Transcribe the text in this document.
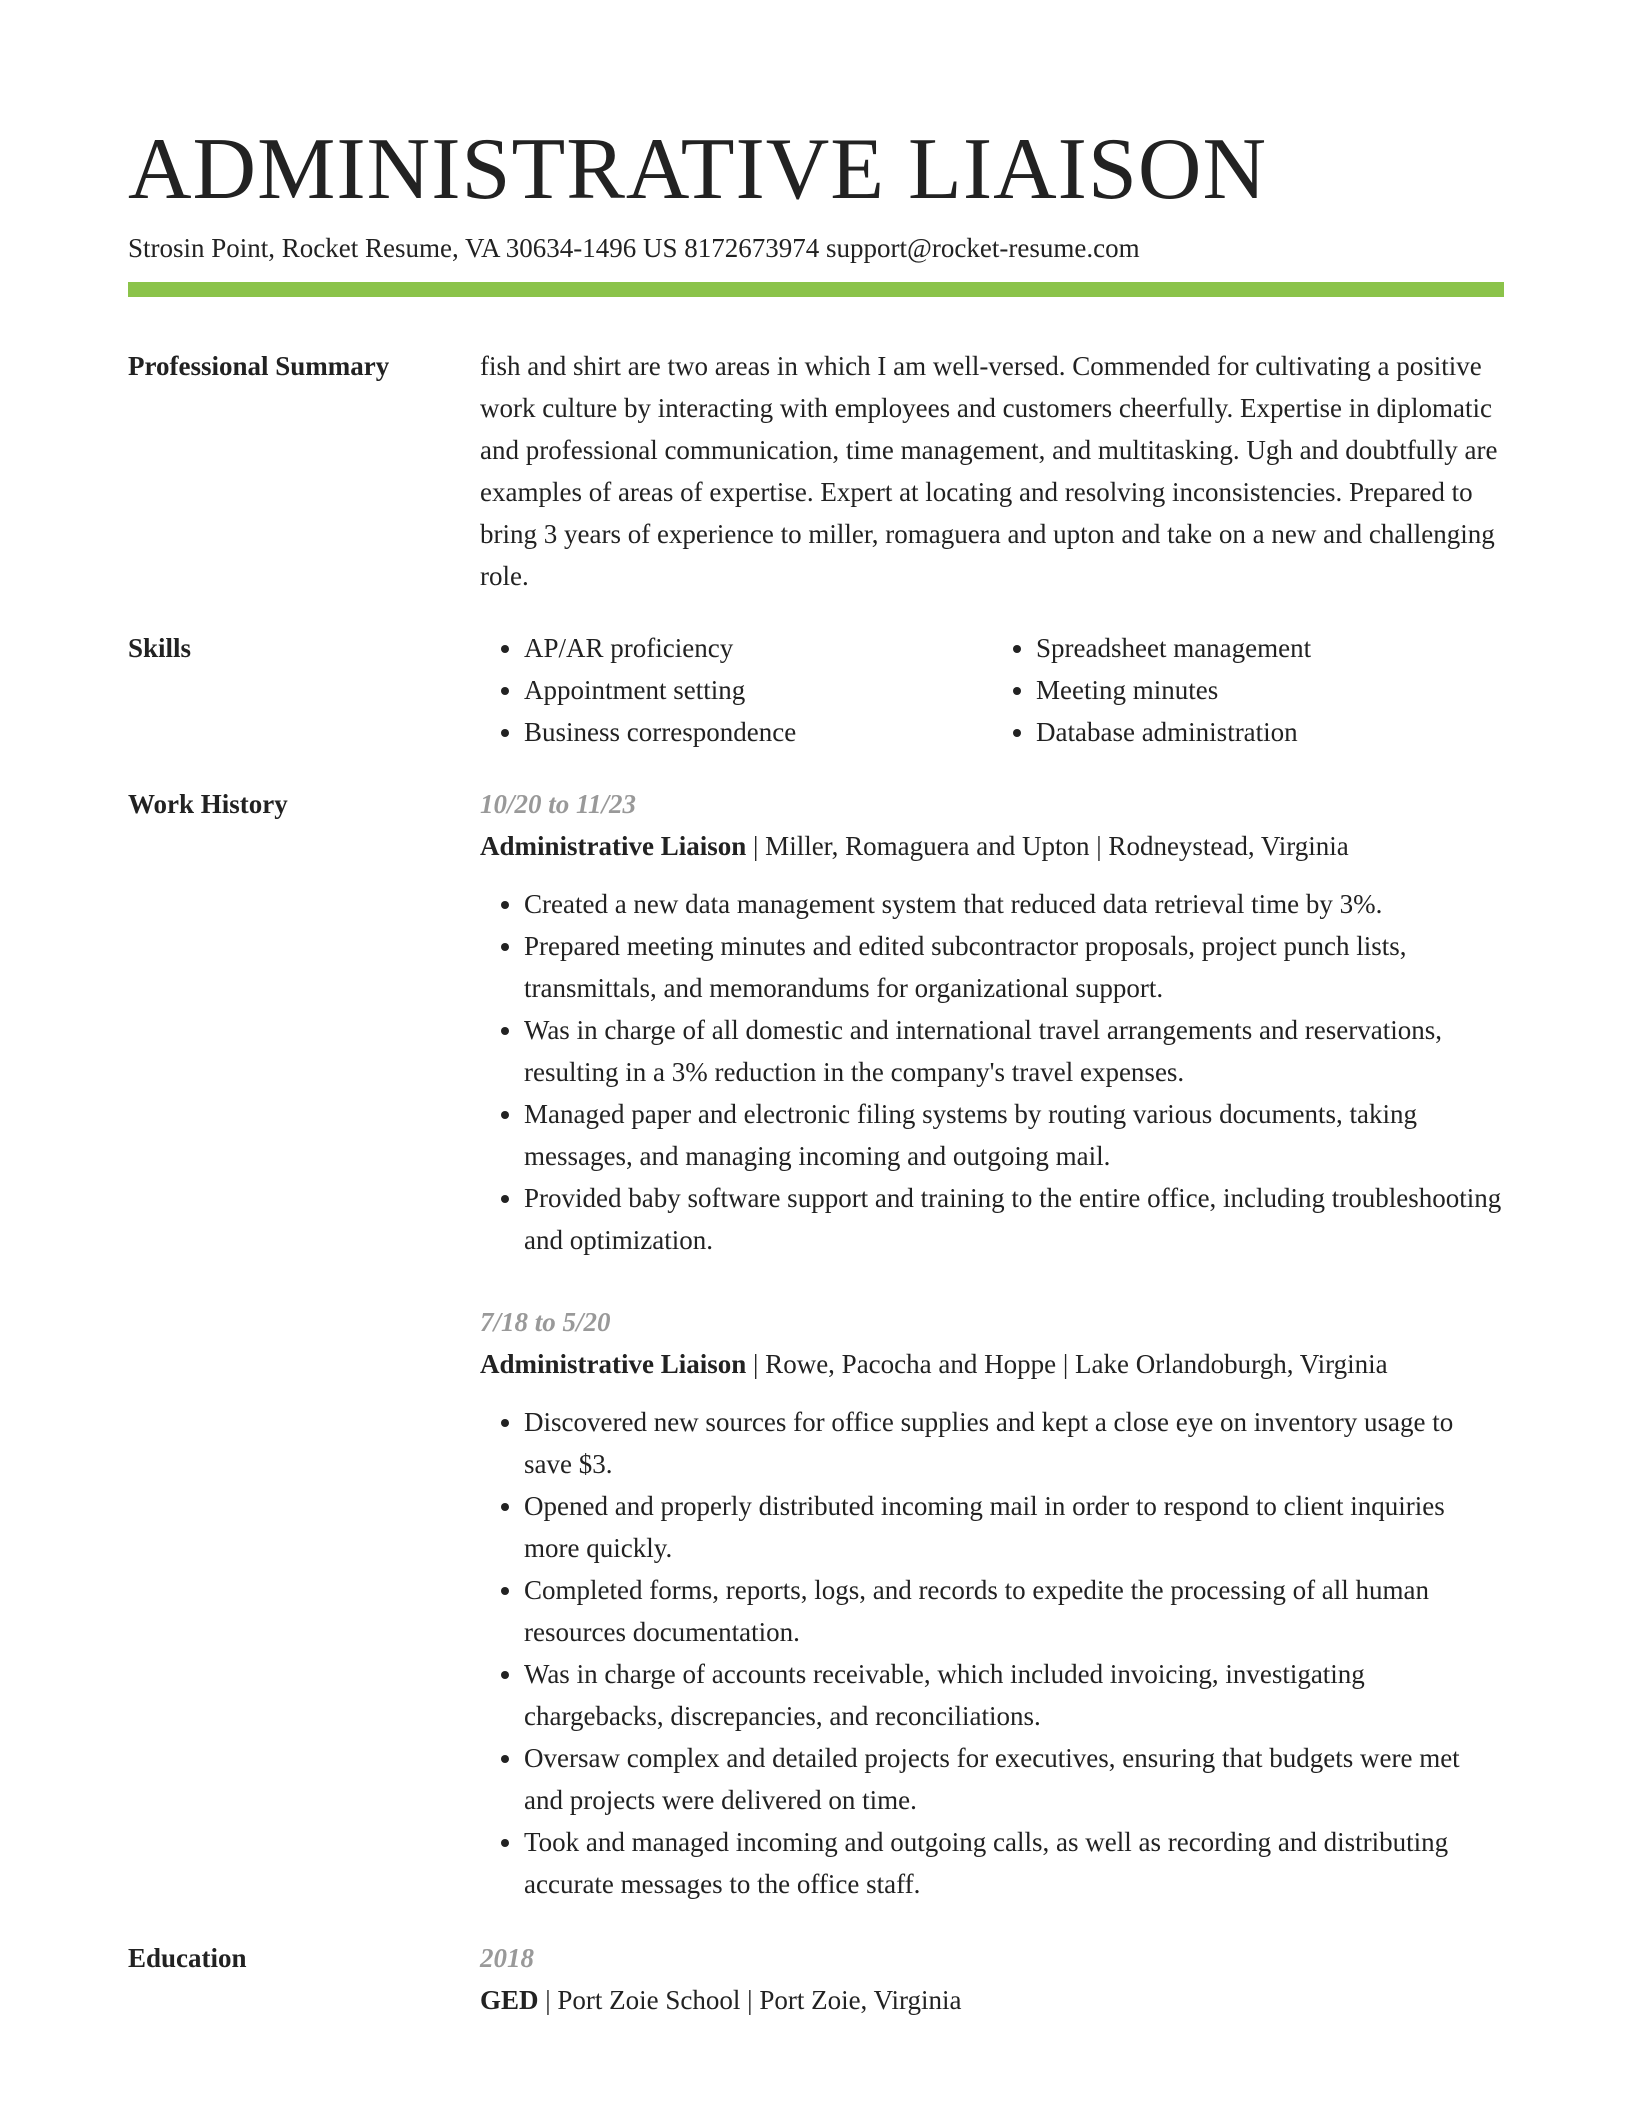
ADMINISTRATIVE LIAISON
Strosin Point, Rocket Resume, VA 30634-1496 US 8172673974 support@rocket-resume.com
Professional Summary	fish and shirt are two areas in which I am well-versed. Commended for cultivating a positive work culture by interacting with employees and customers cheerfully. Expertise in diplomatic and professional communication, time management, and multitasking. Ugh and doubtfully are examples of areas of expertise. Expert at locating and resolving inconsistencies. Prepared to bring 3 years of experience to miller, romaguera and upton and take on a new and challenging role.

Skills
•	AP/AR proficiency
• Appointment setting
• Business correspondence
• Spreadsheet management
• Meeting minutes
• Database administration
Work History	10/20 to 11/23
Administrative Liaison | Miller, Romaguera and Upton | Rodneystead, Virginia
• Created a new data management system that reduced data retrieval time by 3%.
• Prepared meeting minutes and edited subcontractor proposals, project punch lists, transmittals, and memorandums for organizational support.
• Was in charge of all domestic and international travel arrangements and reservations, resulting in a 3% reduction in the company's travel expenses.
• Managed paper and electronic filing systems by routing various documents, taking messages, and managing incoming and outgoing mail.
• Provided baby software support and training to the entire office, including troubleshooting and optimization.
7/18 to 5/20
Administrative Liaison | Rowe, Pacocha and Hoppe | Lake Orlandoburgh, Virginia
• Discovered new sources for office supplies and kept a close eye on inventory usage to save $3.
• Opened and properly distributed incoming mail in order to respond to client inquiries more quickly.
• Completed forms, reports, logs, and records to expedite the processing of all human resources documentation.
• Was in charge of accounts receivable, which included invoicing, investigating chargebacks, discrepancies, and reconciliations.
• Oversaw complex and detailed projects for executives, ensuring that budgets were met and projects were delivered on time.
• Took and managed incoming and outgoing calls, as well as recording and distributing accurate messages to the office staff.
Education	2018
GED | Port Zoie School | Port Zoie, Virginia
